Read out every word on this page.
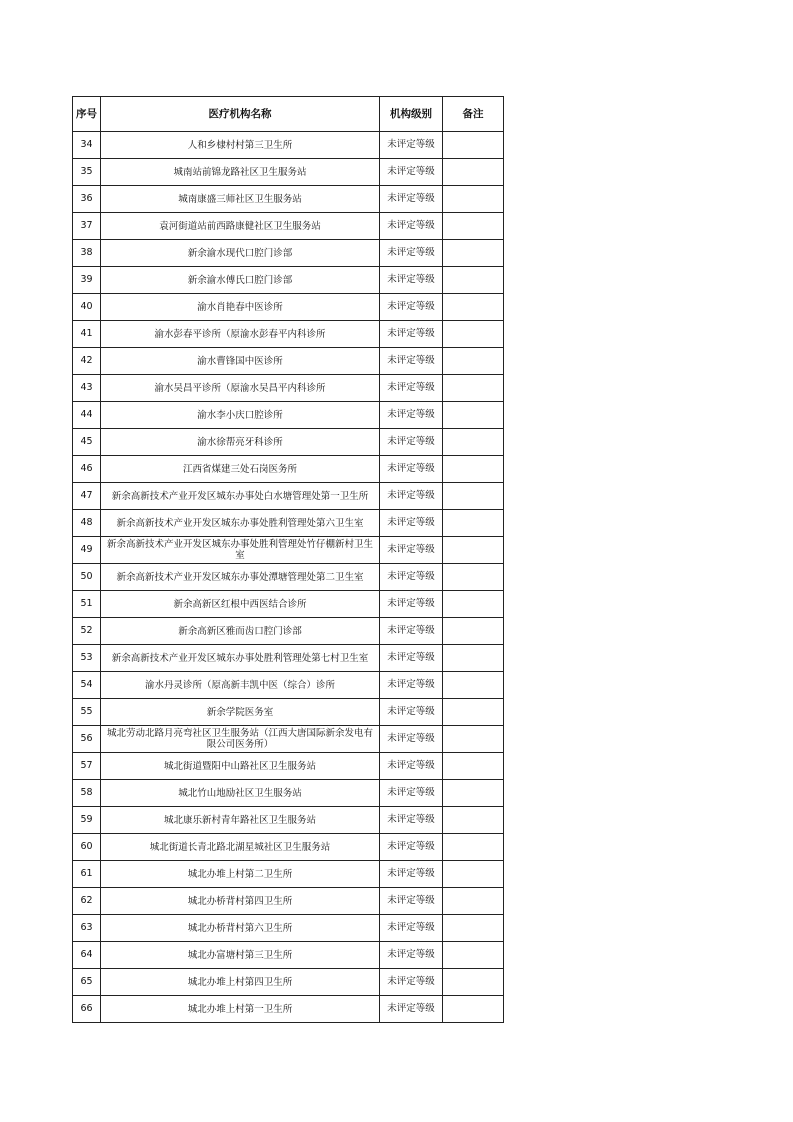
序号	医疗机构名称	机构级别	备注
34	人和乡棣村村第三卫生所	未评定等级	
35	城南站前锦龙路社区卫生服务站	未评定等级	
36	城南康盛三师社区卫生服务站	未评定等级	
37	袁河街道站前西路康健社区卫生服务站	未评定等级	
38	新余渝水现代口腔门诊部	未评定等级	
39	新余渝水傅氏口腔门诊部	未评定等级	
40	渝水肖艳春中医诊所	未评定等级	
41	渝水彭春平诊所（原渝水彭春平内科诊所	未评定等级	
42	渝水曹锋国中医诊所	未评定等级	
43	渝水吴昌平诊所（原渝水吴昌平内科诊所	未评定等级	
44	渝水李小庆口腔诊所	未评定等级	
45	渝水徐帮亮牙科诊所	未评定等级	
46	江西省煤建三处石岗医务所	未评定等级	
47	新余高新技术产业开发区城东办事处白水塘管理处第一卫生所	未评定等级	
48	新余高新技术产业开发区城东办事处胜利管理处第六卫生室	未评定等级	
49	新余高新技术产业开发区城东办事处胜利管理处竹仔棚新村卫生室	未评定等级	
50	新余高新技术产业开发区城东办事处潭塘管理处第二卫生室	未评定等级	
51	新余高新区红根中西医结合诊所	未评定等级	
52	新余高新区雅而齿口腔门诊部	未评定等级	
53	新余高新技术产业开发区城东办事处胜利管理处第七村卫生室	未评定等级	
54	渝水丹灵诊所（原高新丰凯中医（综合）诊所	未评定等级	
55	新余学院医务室	未评定等级	
56	城北劳动北路月亮弯社区卫生服务站（江西大唐国际新余发电有限公司医务所）	未评定等级	
57	城北街道暨阳中山路社区卫生服务站	未评定等级	
58	城北竹山地励社区卫生服务站	未评定等级	
59	城北康乐新村青年路社区卫生服务站	未评定等级	
60	城北街道长青北路北湖星城社区卫生服务站	未评定等级	
61	城北办堆上村第二卫生所	未评定等级	
62	城北办桥背村第四卫生所	未评定等级	
63	城北办桥背村第六卫生所	未评定等级	
64	城北办富塘村第三卫生所	未评定等级	
65	城北办堆上村第四卫生所	未评定等级	
66	城北办堆上村第一卫生所	未评定等级	
